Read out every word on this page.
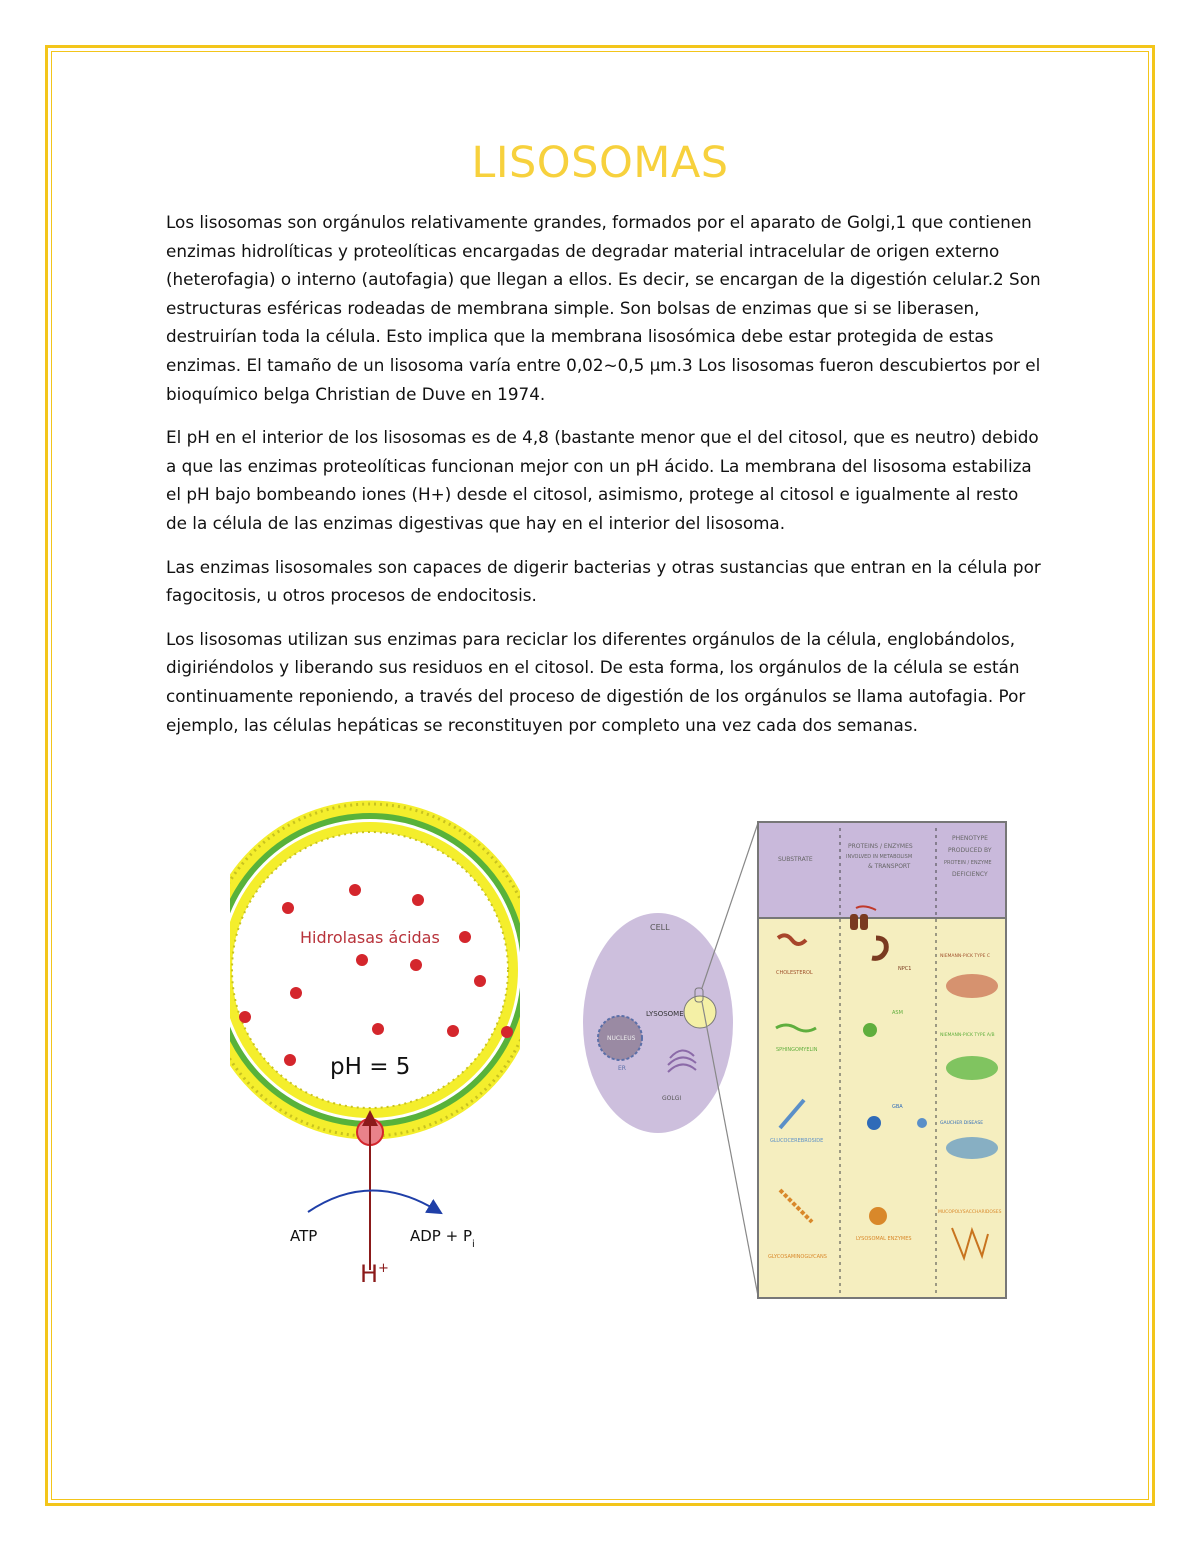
LISOSOMAS

Los lisosomas son orgánulos relativamente grandes, formados por el aparato de Golgi,1 que contienen enzimas hidrolíticas y proteolíticas encargadas de degradar material intracelular de origen externo (heterofagia) o interno (autofagia) que llegan a ellos. Es decir, se encargan de la digestión celular.2 Son estructuras esféricas rodeadas de membrana simple. Son bolsas de enzimas que si se liberasen, destruirían toda la célula. Esto implica que la membrana lisosómica debe estar protegida de estas enzimas. El tamaño de un lisosoma varía entre 0,02~0,5 µm.3 Los lisosomas fueron descubiertos por el bioquímico belga Christian de Duve en 1974.

El pH en el interior de los lisosomas es de 4,8 (bastante menor que el del citosol, que es neutro) debido a que las enzimas proteolíticas funcionan mejor con un pH ácido. La membrana del lisosoma estabiliza el pH bajo bombeando iones (H+) desde el citosol, asimismo, protege al citosol e igualmente al resto de la célula de las enzimas digestivas que hay en el interior del lisosoma.

Las enzimas lisosomales son capaces de digerir bacterias y otras sustancias que entran en la célula por fagocitosis, u otros procesos de endocitosis.

Los lisosomas utilizan sus enzimas para reciclar los diferentes orgánulos de la célula, englobándolos, digiriéndolos y liberando sus residuos en el citosol. De esta forma, los orgánulos de la célula se están continuamente reponiendo, a través del proceso de digestión de los orgánulos se llama autofagia. Por ejemplo, las células hepáticas se reconstituyen por completo una vez cada dos semanas.

Hidrolasas ácidas
pH = 5
ATP	ADP + $P_i$
H+
CELL
NUCLEUS
ER
GOLGI
LYSOSOME
SUBSTRATE
PROTEINS / ENZYMES
INVOLVED IN METABOLISM
& TRANSPORT
PHENOTYPE
PRODUCED BY
PROTEIN / ENZYME
DEFICIENCY
CHOLESTEROL
NPC1
NIEMANN-PICK TYPE C
SPHINGOMYELIN
ASM
NIEMANN-PICK TYPE A/B
GLUCOCEREBROSIDE
GBA
GAUCHER DISEASE
GLYCOSAMINOGLYCANS
LYSOSOMAL ENZYMES
MUCOPOLYSACCHARIDOSES
